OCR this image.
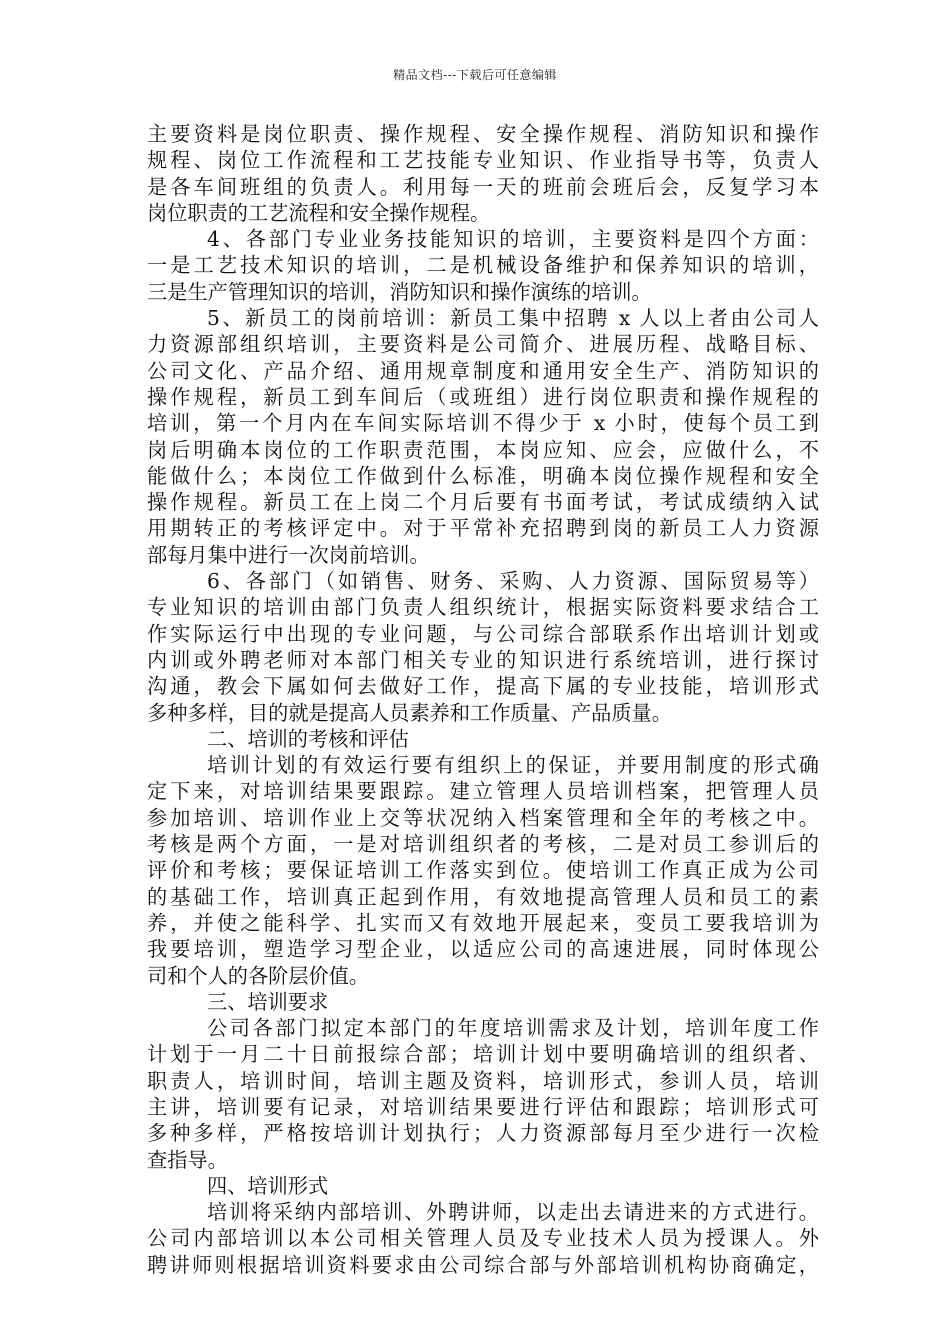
精品文档---下载后可任意编辑
主要资料是岗位职责、操作规程、安全操作规程、消防知识和操作
规程、岗位工作流程和工艺技能专业知识、作业指导书等，负责人
是各车间班组的负责人。利用每一天的班前会班后会，反复学习本
岗位职责的工艺流程和安全操作规程。
4、各部门专业业务技能知识的培训，主要资料是四个方面：
一是工艺技术知识的培训，二是机械设备维护和保养知识的培训，
三是生产管理知识的培训，消防知识和操作演练的培训。
5、新员工的岗前培训：新员工集中招聘 x 人以上者由公司人
力资源部组织培训，主要资料是公司简介、进展历程、战略目标、
公司文化、产品介绍、通用规章制度和通用安全生产、消防知识的
操作规程，新员工到车间后（或班组）进行岗位职责和操作规程的
培训，第一个月内在车间实际培训不得少于 x 小时，使每个员工到
岗后明确本岗位的工作职责范围，本岗应知、应会，应做什么，不
能做什么；本岗位工作做到什么标准，明确本岗位操作规程和安全
操作规程。新员工在上岗二个月后要有书面考试，考试成绩纳入试
用期转正的考核评定中。对于平常补充招聘到岗的新员工人力资源
部每月集中进行一次岗前培训。
6、各部门（如销售、财务、采购、人力资源、国际贸易等）
专业知识的培训由部门负责人组织统计，根据实际资料要求结合工
作实际运行中出现的专业问题，与公司综合部联系作出培训计划或
内训或外聘老师对本部门相关专业的知识进行系统培训，进行探讨
沟通，教会下属如何去做好工作，提高下属的专业技能，培训形式
多种多样，目的就是提高人员素养和工作质量、产品质量。
二、培训的考核和评估
培训计划的有效运行要有组织上的保证，并要用制度的形式确
定下来，对培训结果要跟踪。建立管理人员培训档案，把管理人员
参加培训、培训作业上交等状况纳入档案管理和全年的考核之中。
考核是两个方面，一是对培训组织者的考核，二是对员工参训后的
评价和考核；要保证培训工作落实到位。使培训工作真正成为公司
的基础工作，培训真正起到作用，有效地提高管理人员和员工的素
养，并使之能科学、扎实而又有效地开展起来，变员工要我培训为
我要培训，塑造学习型企业，以适应公司的高速进展，同时体现公
司和个人的各阶层价值。
三、培训要求
公司各部门拟定本部门的年度培训需求及计划，培训年度工作
计划于一月二十日前报综合部；培训计划中要明确培训的组织者、
职责人，培训时间，培训主题及资料，培训形式，参训人员，培训
主讲，培训要有记录，对培训结果要进行评估和跟踪；培训形式可
多种多样，严格按培训计划执行；人力资源部每月至少进行一次检
查指导。
四、培训形式
培训将采纳内部培训、外聘讲师，以走出去请进来的方式进行。
公司内部培训以本公司相关管理人员及专业技术人员为授课人。外
聘讲师则根据培训资料要求由公司综合部与外部培训机构协商确定，
